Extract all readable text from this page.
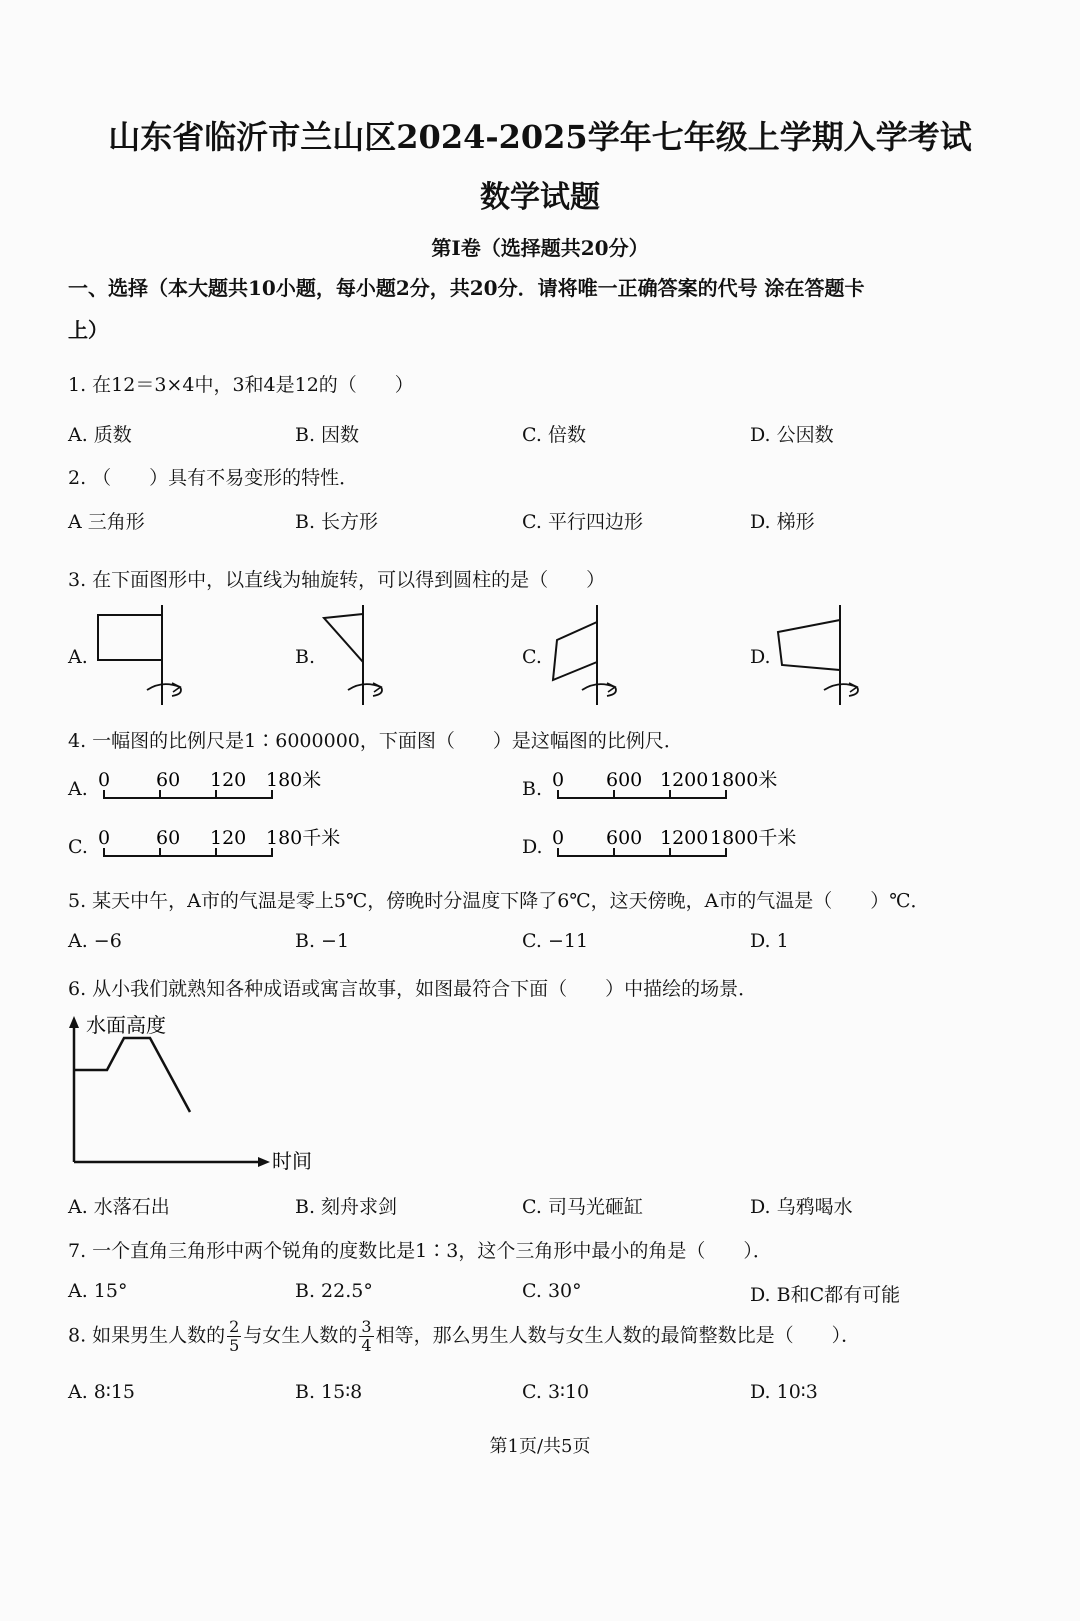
山东省临沂市兰山区2024-2025学年七年级上学期入学考试
数学试题
第I卷（选择题共20分）
一、选择（本大题共10小题，每小题2分，共20分．请将唯一正确答案的代号 涂在答题卡
上）
1. 在12＝3×4中，3和4是12的（　　）
A. 质数	B. 因数	C. 倍数	D. 公因数
2. （　　）具有不易变形的特性．
A 三角形	B. 长方形	C. 平行四边形	D. 梯形
3. 在下面图形中，以直线为轴旋转，可以得到圆柱的是（　　）
A.	B.	C.	D.
4. 一幅图的比例尺是1∶6000000，下面图（　　）是这幅图的比例尺．
A.	B.
C.	D.
0 60 120 180米	0 600 1200 1800米
0 60 120 180千米	0 600 1200 1800千米
5. 某天中午，A市的气温是零上5℃，傍晚时分温度下降了6℃，这天傍晚，A市的气温是（　　）℃．
A. −6	B. −1	C. −11	D. 1
6. 从小我们就熟知各种成语或寓言故事，如图最符合下面（　　）中描绘的场景．
水面高度
时间
A. 水落石出	B. 刻舟求剑	C. 司马光砸缸	D. 乌鸦喝水
7. 一个直角三角形中两个锐角的度数比是1∶3，这个三角形中最小的角是（　　）．
A. 15°	B. 22.5°	C. 30°	D. B和C都有可能
8. 如果男生人数的 $\frac{2}{5}$ 与女生人数的 $\frac{3}{4}$ 相等，那么男生人数与女生人数的最简整数比是（　　）．
A. 8∶15	B. 15∶8	C. 3∶10	D. 10∶3
第1页/共5页
